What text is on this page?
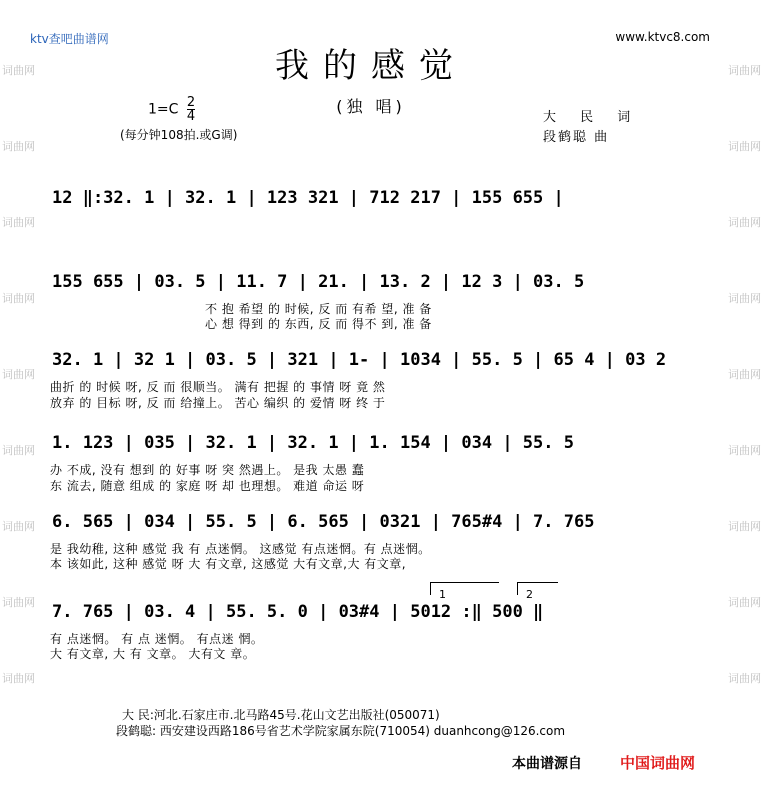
ktv查吧曲谱网	www.ktvc8.com
词曲网
词曲网
词曲网
词曲网
词曲网
词曲网
词曲网
词曲网
词曲网
词曲网
词曲网
词曲网
词曲网
词曲网
词曲网
词曲网
词曲网
词曲网
我的感觉
(独 唱)
$1=C \frac{2}{4}$
(每分钟108拍.或G调)
大 民 词
段鹤聪 曲
12 ‖:32. 1 | 32. 1 | 123 321 | 712 217 | 155 655 |
155 655 | 03. 5 | 11. 7 | 21. | 13. 2 | 12 3 | 03. 5
不 抱 希望 的 时候, 反 而 有希 望, 准 备
心 想 得到 的 东西, 反 而 得不 到, 准 备
32. 1 | 32 1 | 03. 5 | 321 | 1- | 1034 | 55. 5 | 65 4 | 03 2
曲折 的 时候 呀, 反 而 很顺当。 满有 把握 的 事情 呀 竟 然
放弃 的 目标 呀, 反 而 给撞上。 苦心 编织 的 爱情 呀 终 于
1. 123 | 035 | 32. 1 | 32. 1 | 1. 154 | 034 | 55. 5
办 不成, 没有 想到 的 好事 呀 突 然遇上。 是我 太愚 蠢
东 流去, 随意 组成 的 家庭 呀 却 也理想。 难道 命运 呀
6. 565 | 034 | 55. 5 | 6. 565 | 0321 | 765#4 | 7. 765
是 我幼稚, 这种 感觉 我 有 点迷惘。 这感觉 有点迷惘。有 点迷惘。
本 该如此, 这种 感觉 呀 大 有文章, 这感觉 大有文章,大 有文章,
1	2
7. 765 | 03. 4 | 55. 5. 0 | 03#4 | 5012 :‖ 500 ‖
有 点迷惘。 有 点 迷惘。 有点迷 惘。
大 有文章, 大 有 文章。 大有文 章。
大 民:河北.石家庄市.北马路45号.花山文艺出版社(050071)
段鹤聪: 西安建设西路186号省艺术学院家属东院(710054) duanhcong@126.com
本曲谱源自	中国词曲网
